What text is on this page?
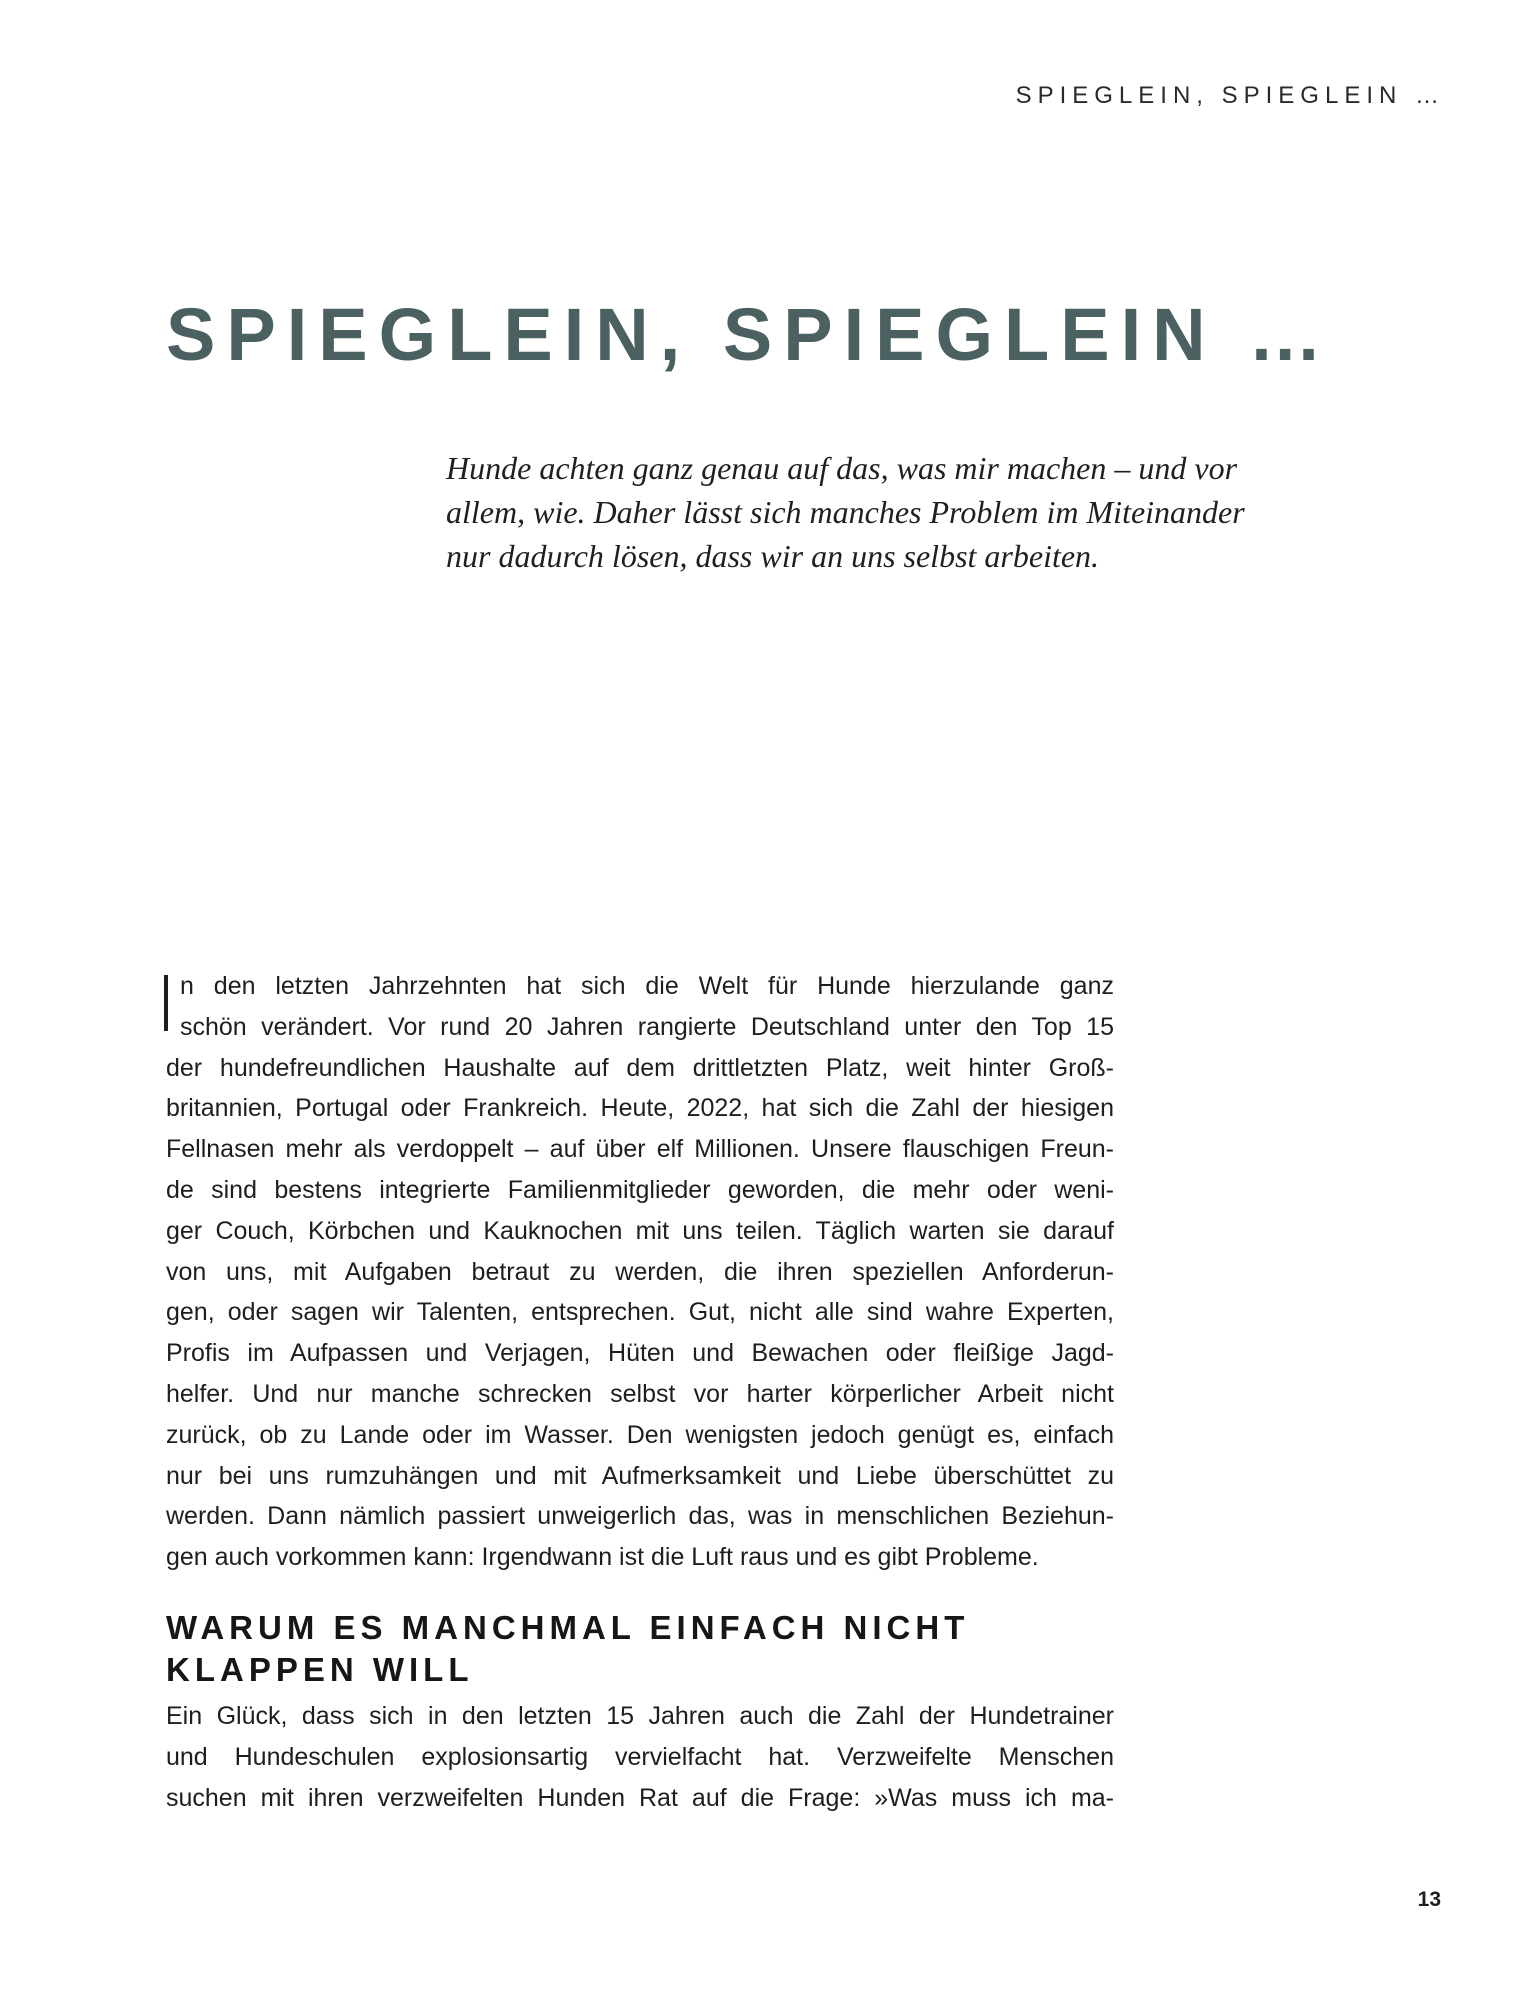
SPIEGLEIN, SPIEGLEIN …
SPIEGLEIN, SPIEGLEIN …

Hunde achten ganz genau auf das, was mir machen – und vor
allem, wie. Daher lässt sich manches Problem im Miteinander
nur dadurch lösen, dass wir an uns selbst arbeiten.

n den letzten Jahrzehnten hat sich die Welt für Hunde hierzulande ganz
schön verändert. Vor rund 20 Jahren rangierte Deutschland unter den Top 15
der hundefreundlichen Haushalte auf dem drittletzten Platz, weit hinter Groß-
britannien, Portugal oder Frankreich. Heute, 2022, hat sich die Zahl der hiesigen
Fellnasen mehr als verdoppelt – auf über elf Millionen. Unsere flauschigen Freun-
de sind bestens integrierte Familienmitglieder geworden, die mehr oder weni-
ger Couch, Körbchen und Kauknochen mit uns teilen. Täglich warten sie darauf
von uns, mit Aufgaben betraut zu werden, die ihren speziellen Anforderun-
gen, oder sagen wir Talenten, entsprechen. Gut, nicht alle sind wahre Experten,
Profis im Aufpassen und Verjagen, Hüten und Bewachen oder fleißige Jagd-
helfer. Und nur manche schrecken selbst vor harter körperlicher Arbeit nicht
zurück, ob zu Lande oder im Wasser. Den wenigsten jedoch genügt es, einfach
nur bei uns rumzuhängen und mit Aufmerksamkeit und Liebe überschüttet zu
werden. Dann nämlich passiert unweigerlich das, was in menschlichen Beziehun-
gen auch vorkommen kann: Irgendwann ist die Luft raus und es gibt Probleme.
WARUM ES MANCHMAL EINFACH NICHT
KLAPPEN WILL
Ein Glück, dass sich in den letzten 15 Jahren auch die Zahl der Hundetrainer
und Hundeschulen explosionsartig vervielfacht hat. Verzweifelte Menschen
suchen mit ihren verzweifelten Hunden Rat auf die Frage: »Was muss ich ma-
13
